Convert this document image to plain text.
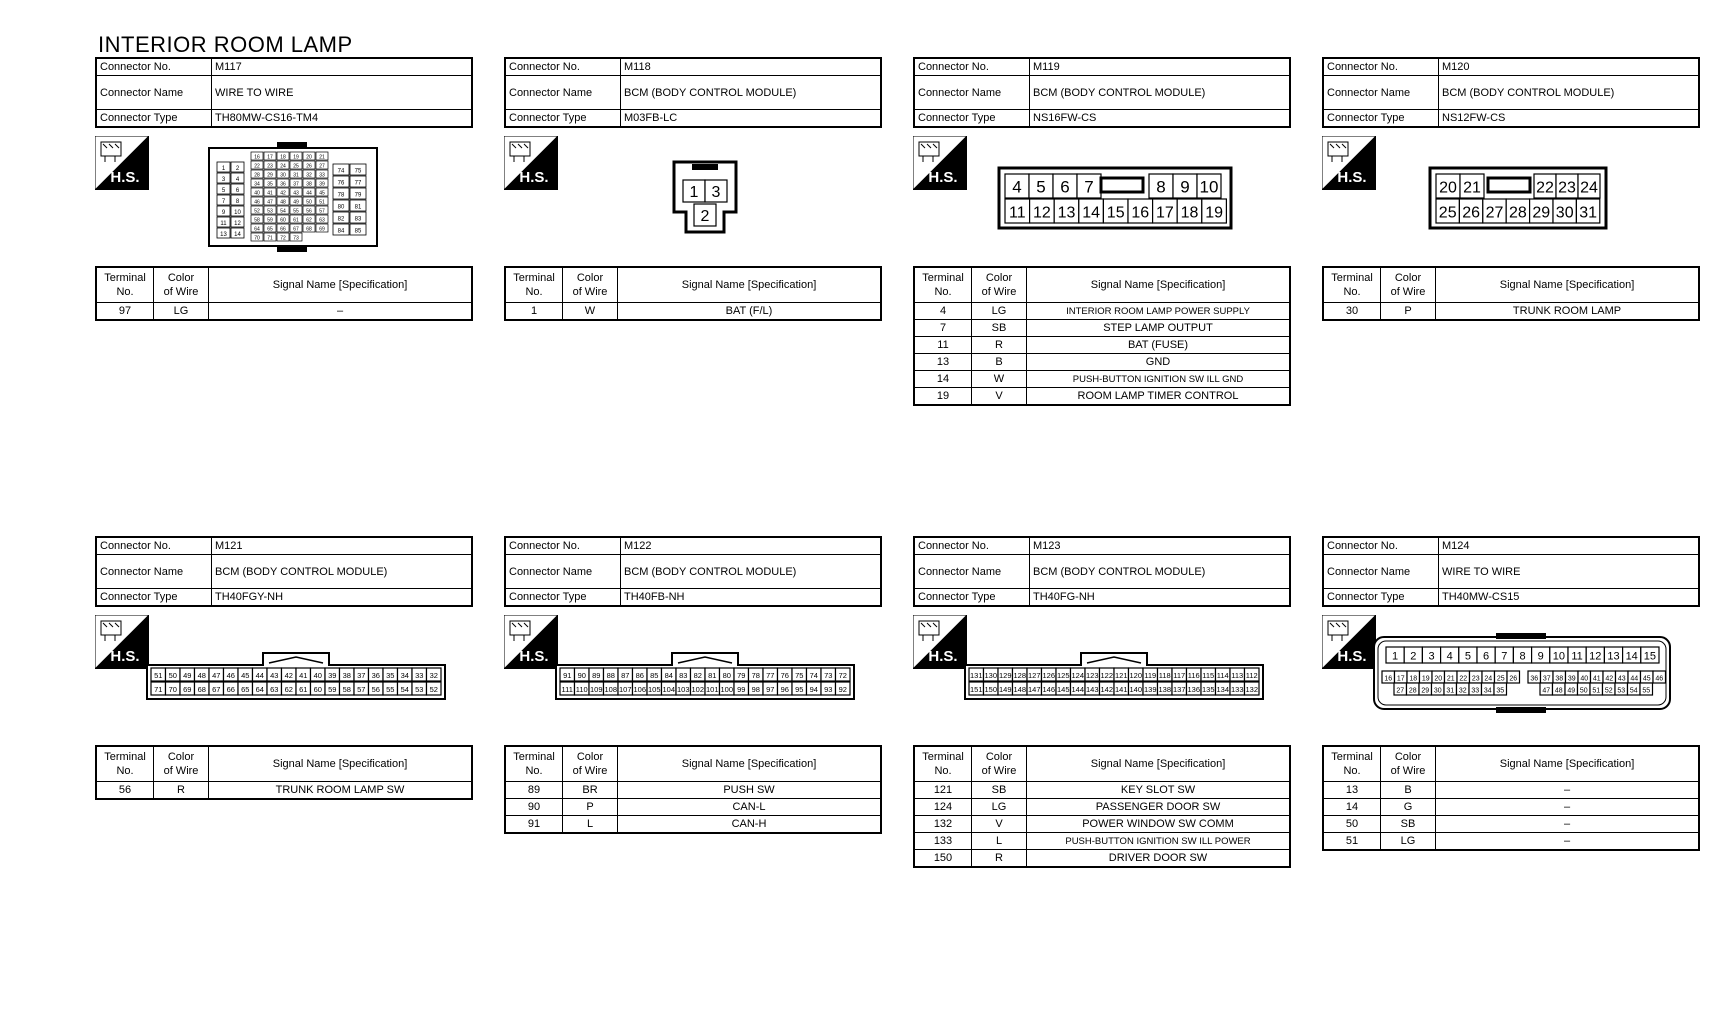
INTERIOR ROOM LAMP
Connector No.	M117
Connector Name	WIRE TO WIRE
Connector Type	TH80MW-CS16-TM4
H.S.	1 2
3 4
5 6
7 8
9 10
11 12
13 14
16 17 18 19 20 21
22 23 24 25 26 27
28 29 30 31 32 33
34 35 36 37 38 39
40 41 42 43 44 45
46 47 48 49 50 51
52 53 54 55 56 57
58 59 60 61 62 63
64 65 66 67 68 69
70 71 72 73
74 75
76 77
78 79
80 81
82 83
84 85
Terminal
No.	Color
of Wire	Signal Name [Specification]
97	LG	–
Connector No.	M118
Connector Name	BCM (BODY CONTROL MODULE)
Connector Type	M03FB-LC
H.S.
1 3
2
Terminal
No.	Color
of Wire	Signal Name [Specification]
1	W	BAT (F/L)
Connector No.	M119
Connector Name	BCM (BODY CONTROL MODULE)
Connector Type	NS16FW-CS
H.S.
4 5 6 7	8 9 10
11 12 13 14 15 16 17 18 19
Terminal
No.	Color
of Wire	Signal Name [Specification]
4	LG	INTERIOR ROOM LAMP POWER SUPPLY
7	SB	STEP LAMP OUTPUT
11	R	BAT (FUSE)
13	B	GND
14	W	PUSH-BUTTON IGNITION SW ILL GND
19	V	ROOM LAMP TIMER CONTROL
Connector No.	M120
Connector Name	BCM (BODY CONTROL MODULE)
Connector Type	NS12FW-CS
H.S.
20 21	22 23 24
25 26 27 28 29 30 31
Terminal
No.	Color
of Wire	Signal Name [Specification]
30	P	TRUNK ROOM LAMP
Connector No.	M121
Connector Name	BCM (BODY CONTROL MODULE)
Connector Type	TH40FGY-NH
H.S.
51 50 49 48 47 46 45 44 43 42 41 40 39 38 37 36 35 34 33 32
71 70 69 68 67 66 65 64 63 62 61 60 59 58 57 56 55 54 53 52
Terminal
No.	Color
of Wire	Signal Name [Specification]
56	R	TRUNK ROOM LAMP SW
Connector No.	M122
Connector Name	BCM (BODY CONTROL MODULE)
Connector Type	TH40FB-NH
H.S.
91 90 89 88 87 86 85 84 83 82 81 80 79 78 77 76 75 74 73 72
111 110 109 108 107 106 105 104 103 102 101 100 99 98 97 96 95 94 93 92
Terminal
No.	Color
of Wire	Signal Name [Specification]
89	BR	PUSH SW
90	P	CAN-L
91	L	CAN-H
Connector No.	M123
Connector Name	BCM (BODY CONTROL MODULE)
Connector Type	TH40FG-NH
H.S.
131 130 129 128 127 126 125 124 123 122 121 120 119 118 117 116 115 114 113 112
151 150 149 148 147 146 145 144 143 142 141 140 139 138 137 136 135 134 133 132
Terminal
No.	Color
of Wire	Signal Name [Specification]
121	SB	KEY SLOT SW
124	LG	PASSENGER DOOR SW
132	V	POWER WINDOW SW COMM
133	L	PUSH-BUTTON IGNITION SW ILL POWER
150	R	DRIVER DOOR SW
Connector No.	M124
Connector Name	WIRE TO WIRE
Connector Type	TH40MW-CS15
H.S. 1 2 3 4 5 6 7 8 9 10 11 12 13 14 15
16 17 18 19 20 21 22 23 24 25 26
27 28 29 30 31 32 33 34 35
36 37 38 39 40 41 42 43 44 45 46
47 48 49 50 51 52 53 54 55
Terminal
No.	Color
of Wire	Signal Name [Specification]
13	B	–
14	G	–
50	SB	–
51	LG	–
